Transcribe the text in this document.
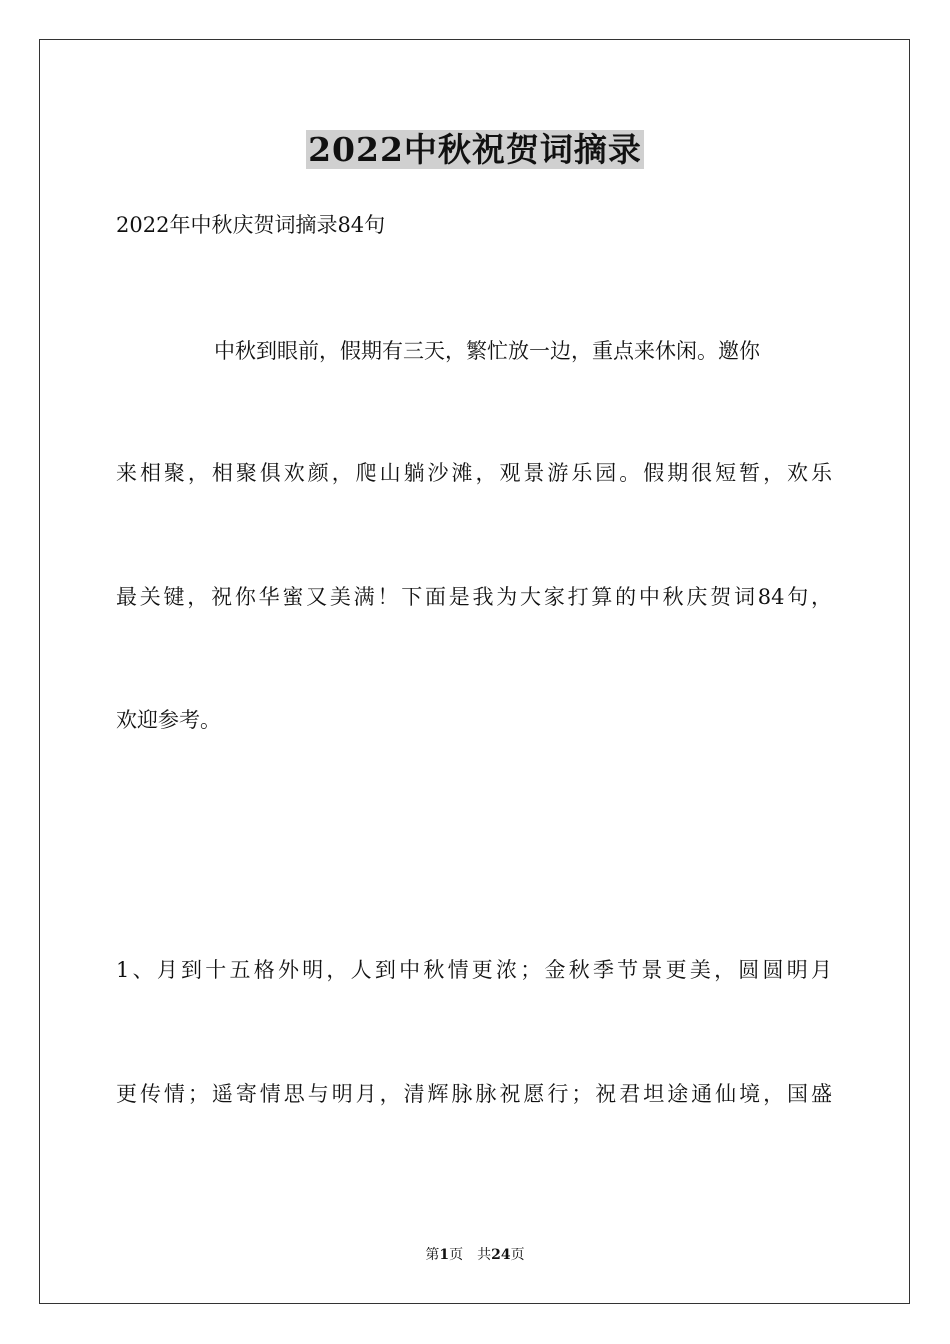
2022中秋祝贺词摘录
2022年中秋庆贺词摘录84句
中秋到眼前，假期有三天，繁忙放一边，重点来休闲。邀你
来相聚，相聚俱欢颜，爬山躺沙滩，观景游乐园。假期很短暂，欢乐
最关键，祝你华蜜又美满！下面是我为大家打算的中秋庆贺词84句，
欢迎参考。
1、月到十五格外明，人到中秋情更浓；金秋季节景更美，圆圆明月
更传情；遥寄情思与明月，清辉脉脉祝愿行；祝君坦途通仙境，国盛
第1页　共24页
